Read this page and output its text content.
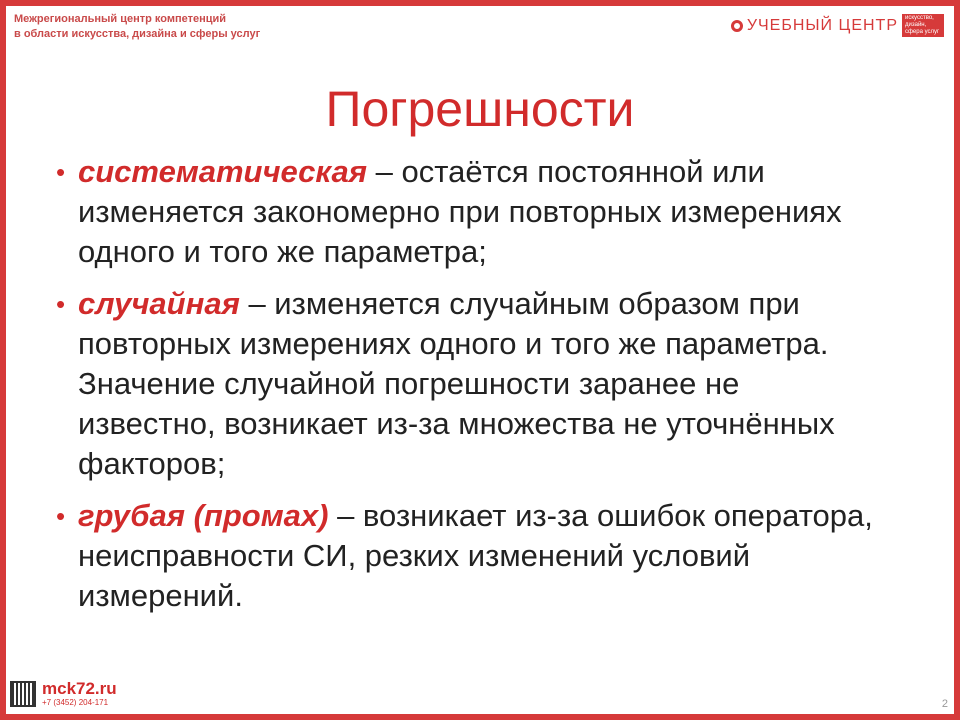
Межрегиональный центр компетенций
в области искусства, дизайна и сферы услуг
УЧЕБНЫЙ ЦЕНТР	искусство, дизайн, сфера услуг
Погрешности
• систематическая – остаётся постоянной или изменяется закономерно при повторных измерениях одного и того же параметра;
• случайная – изменяется случайным образом при повторных измерениях одного и того же параметра. Значение случайной погрешности заранее не известно, возникает из-за множества не уточнённых факторов;
• грубая (промах) – возникает из-за ошибок оператора, неисправности СИ, резких изменений условий измерений.
mck72.ru
+7 (3452) 204-171	2
